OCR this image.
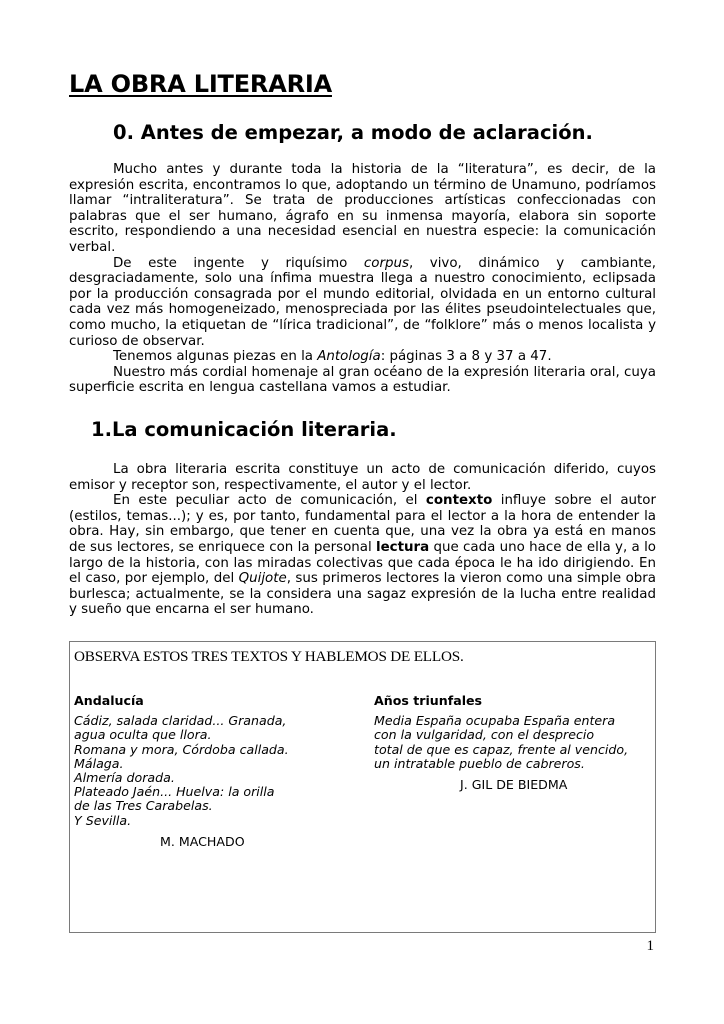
LA OBRA LITERARIA
0. Antes de empezar, a modo de aclaración.

Mucho antes y durante toda la historia de la “literatura”, es decir, de la expresión escrita, encontramos lo que, adoptando un término de Unamuno, podríamos llamar “intraliteratura”. Se trata de producciones artísticas confeccionadas con palabras que el ser humano, ágrafo en su inmensa mayoría, elabora sin soporte escrito, respondiendo a una necesidad esencial en nuestra especie: la comunicación verbal.

De este ingente y riquísimo corpus, vivo, dinámico y cambiante, desgraciadamente, solo una ínfima muestra llega a nuestro conocimiento, eclipsada por la producción consagrada por el mundo editorial, olvidada en un entorno cultural cada vez más homogeneizado, menospreciada por las élites pseudointelectuales que, como mucho, la etiquetan de “lírica tradicional”, de “folklore” más o menos localista y curioso de observar.

Tenemos algunas piezas en la Antología: páginas 3 a 8 y 37 a 47.

Nuestro más cordial homenaje al gran océano de la expresión literaria oral, cuya superficie escrita en lengua castellana vamos a estudiar.

1.La comunicación literaria.

La obra literaria escrita constituye un acto de comunicación diferido, cuyos emisor y receptor son, respectivamente, el autor y el lector.

En este peculiar acto de comunicación, el contexto influye sobre el autor (estilos, temas...); y es, por tanto, fundamental para el lector a la hora de entender la obra. Hay, sin embargo, que tener en cuenta que, una vez la obra ya está en manos de sus lectores, se enriquece con la personal lectura que cada uno hace de ella y, a lo largo de la historia, con las miradas colectivas que cada época le ha ido dirigiendo. En el caso, por ejemplo, del Quijote, sus primeros lectores la vieron como una simple obra burlesca; actualmente, se la considera una sagaz expresión de la lucha entre realidad y sueño que encarna el ser humano.

OBSERVA ESTOS TRES TEXTOS Y HABLEMOS DE ELLOS.
Andalucía
Cádiz, salada claridad... Granada,
agua oculta que llora.
Romana y mora, Córdoba callada.
Málaga.
Almería dorada.
Plateado Jaén... Huelva: la orilla
de las Tres Carabelas.
Y Sevilla.
M. MACHADO
Años triunfales
Media España ocupaba España entera
con la vulgaridad, con el desprecio
total de que es capaz, frente al vencido,
un intratable pueblo de cabreros.
J. GIL DE BIEDMA
1
